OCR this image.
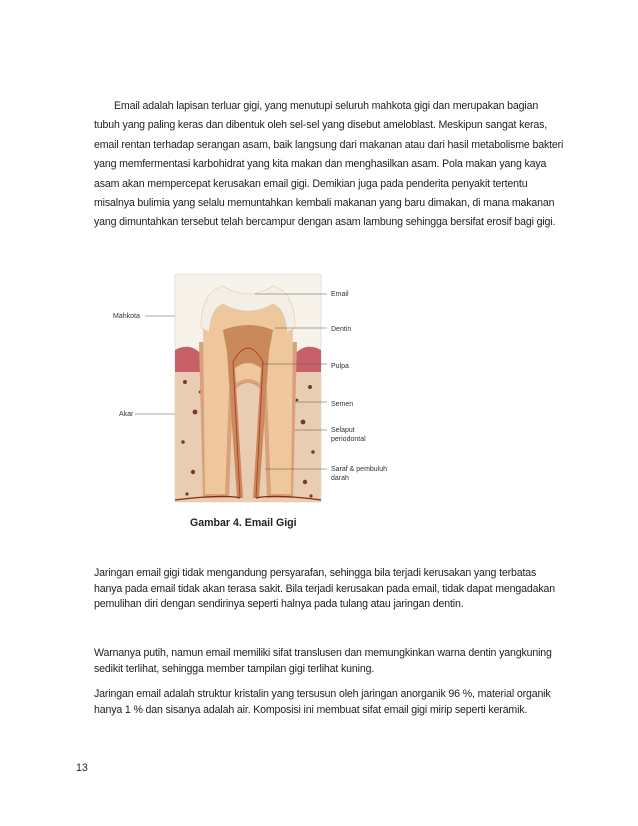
Email adalah lapisan terluar gigi, yang menutupi seluruh mahkota gigi dan merupakan bagian tubuh yang paling keras dan dibentuk oleh sel-sel yang disebut ameloblast. Meskipun sangat keras, email rentan terhadap serangan asam, baik langsung dari makanan atau dari hasil metabolisme bakteri yang memfermentasi karbohidrat yang kita makan dan menghasilkan asam. Pola makan yang kaya asam akan mempercepat kerusakan email gigi. Demikian juga pada penderita penyakit tertentu misalnya bulimia yang selalu memuntahkan kembali makanan yang baru dimakan, di mana makanan yang dimuntahkan tersebut telah bercampur dengan asam lambung sehingga bersifat erosif bagi gigi.

Mahkota
Akar
Email
Dentin
Pulpa
Semen
Selaput
periodontal
Saraf & pembuluh
darah
Gambar 4. Email Gigi

Jaringan email gigi tidak mengandung persyarafan, sehingga bila terjadi kerusakan yang terbatas hanya pada email tidak akan terasa sakit. Bila terjadi kerusakan pada email, tidak dapat mengadakan pemulihan diri dengan sendirinya seperti halnya pada tulang atau jaringan dentin.

Warnanya putih, namun email memiliki sifat translusen dan memungkinkan warna dentin yangkuning sedikit terlihat, sehingga member tampilan gigi terlihat kuning.

Jaringan email adalah struktur kristalin yang tersusun oleh jaringan anorganik 96 %, material organik hanya 1 % dan sisanya adalah air. Komposisi ini membuat sifat email gigi mirip seperti keramik.

13
